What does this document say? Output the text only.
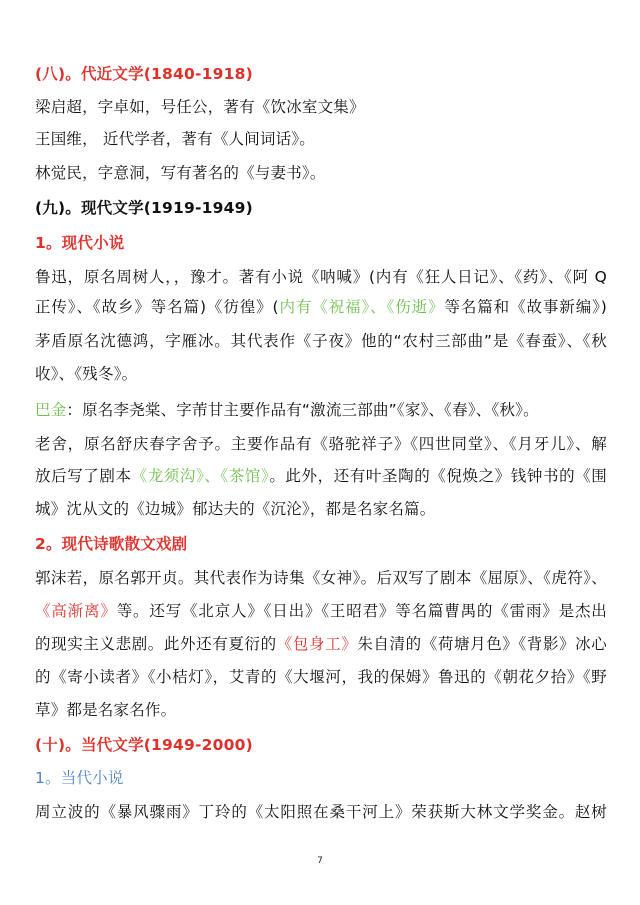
(八)。代近文学(1840-1918)
梁启超，字卓如，号任公，著有《饮冰室文集》
王国维， 近代学者，著有《人间词话》。
林觉民，字意洞，写有著名的《与妻书》。
(九)。现代文学(1919-1949)
1。现代小说
鲁迅，原名周树人，，豫才。著有小说《呐喊》(内有《狂人日记》、《药》、《阿 Q
正传》、《故乡》等名篇)《彷徨》(内有《祝福》、《伤逝》等名篇和《故事新编》)
茅盾原名沈德鸿，字雁冰。其代表作《子夜》他的“农村三部曲”是《春蚕》、《秋
收》、《残冬》。
巴金：原名李尧棠、字芾甘主要作品有“激流三部曲”《家》、《春》、《秋》。
老舍，原名舒庆春字舍予。主要作品有《骆驼祥子》《四世同堂》、《月牙儿》、解
放后写了剧本《龙须沟》、《茶馆》。此外，还有叶圣陶的《倪焕之》钱钟书的《围
城》沈从文的《边城》郁达夫的《沉沦》，都是名家名篇。
2。现代诗歌散文戏剧
郭沫若，原名郭开贞。其代表作为诗集《女神》。后双写了剧本《屈原》、《虎符》、
《高渐离》等。还写《北京人》《日出》《王昭君》等名篇曹禺的《雷雨》是杰出
的现实主义悲剧。此外还有夏衍的《包身工》朱自清的《荷塘月色》《背影》冰心
的《寄小读者》《小桔灯》，艾青的《大堰河，我的保姆》鲁迅的《朝花夕拾》《野
草》都是名家名作。
(十)。当代文学(1949-2000)
1。当代小说
周立波的《暴风骤雨》丁玲的《太阳照在桑干河上》荣获斯大林文学奖金。赵树
7
